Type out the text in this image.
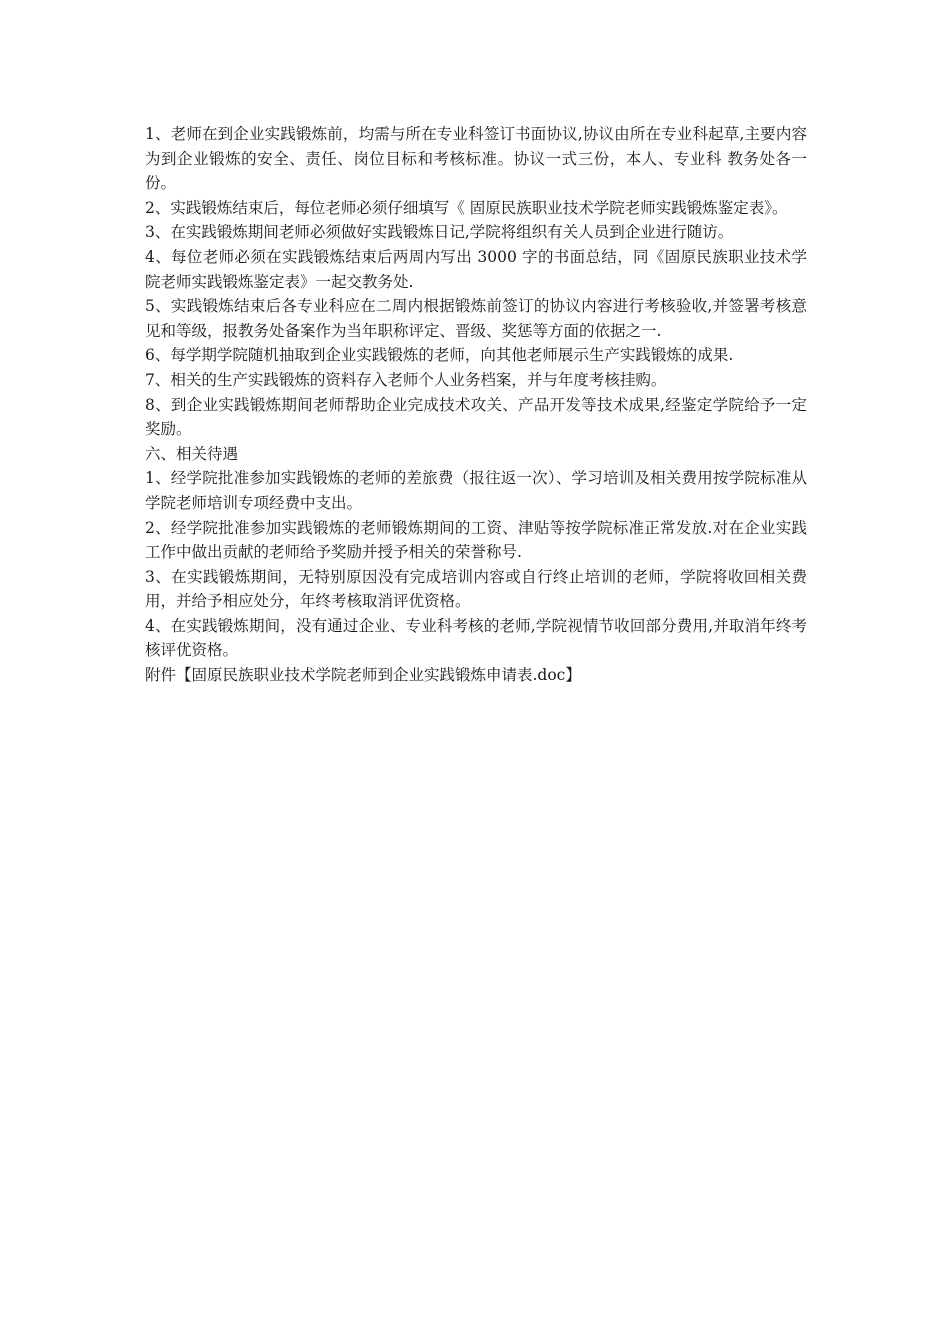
1、老师在到企业实践锻炼前，均需与所在专业科签订书面协议,协议由所在专业科起草,主要内容为到企业锻炼的安全、责任、岗位目标和考核标准。协议一式三份，本人、专业科 教务处各一份。

2、实践锻炼结束后，每位老师必须仔细填写《 固原民族职业技术学院老师实践锻炼鉴定表》。

3、在实践锻炼期间老师必须做好实践锻炼日记,学院将组织有关人员到企业进行随访。

4、每位老师必须在实践锻炼结束后两周内写出 3000 字的书面总结，同《固原民族职业技术学院老师实践锻炼鉴定表》一起交教务处.

5、实践锻炼结束后各专业科应在二周内根据锻炼前签订的协议内容进行考核验收,并签署考核意见和等级，报教务处备案作为当年职称评定、晋级、奖惩等方面的依据之一.

6、每学期学院随机抽取到企业实践锻炼的老师，向其他老师展示生产实践锻炼的成果.

7、相关的生产实践锻炼的资料存入老师个人业务档案，并与年度考核挂购。

8、到企业实践锻炼期间老师帮助企业完成技术攻关、产品开发等技术成果,经鉴定学院给予一定奖励。

六、相关待遇

1、经学院批准参加实践锻炼的老师的差旅费（报往返一次）、学习培训及相关费用按学院标准从学院老师培训专项经费中支出。

2、经学院批准参加实践锻炼的老师锻炼期间的工资、津贴等按学院标准正常发放.对在企业实践工作中做出贡献的老师给予奖励并授予相关的荣誉称号.

3、在实践锻炼期间，无特别原因没有完成培训内容或自行终止培训的老师，学院将收回相关费用，并给予相应处分，年终考核取消评优资格。

4、在实践锻炼期间，没有通过企业、专业科考核的老师,学院视情节收回部分费用,并取消年终考核评优资格。

附件【固原民族职业技术学院老师到企业实践锻炼申请表.doc】
